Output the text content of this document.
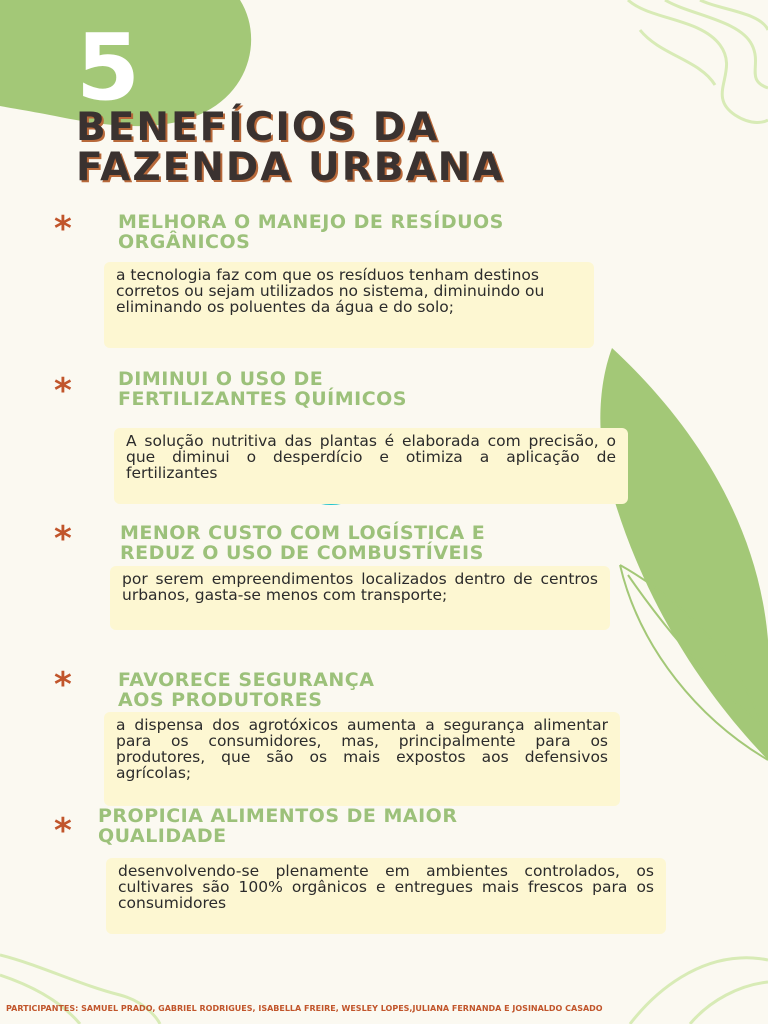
5
BENEFÍCIOS DA
FAZENDA URBANA
* MELHORA O MANEJO DE RESÍDUOS
ORGÂNICOS
a tecnologia faz com que os resíduos tenham destinos corretos ou sejam utilizados no sistema, diminuindo ou eliminando os poluentes da água e do solo;
* DIMINUI O USO DE
FERTILIZANTES QUÍMICOS
A solução nutritiva das plantas é elaborada com precisão, o que diminui o desperdício e otimiza a aplicação de fertilizantes
*	MENOR CUSTO COM LOGÍSTICA E
REDUZ O USO DE COMBUSTÍVEIS
por serem empreendimentos localizados dentro de centros urbanos, gasta-se menos com transporte;
* FAVORECE SEGURANÇA
AOS PRODUTORES
a dispensa dos agrotóxicos aumenta a segurança alimentar para os consumidores, mas, principalmente para os produtores, que são os mais expostos aos defensivos agrícolas;
* PROPICIA ALIMENTOS DE MAIOR
QUALIDADE
desenvolvendo-se plenamente em ambientes controlados, os cultivares são 100% orgânicos e entregues mais frescos para os consumidores

PARTICIPANTES: SAMUEL PRADO, GABRIEL RODRIGUES, ISABELLA FREIRE, WESLEY LOPES,JULIANA FERNANDA E JOSINALDO CASADO
